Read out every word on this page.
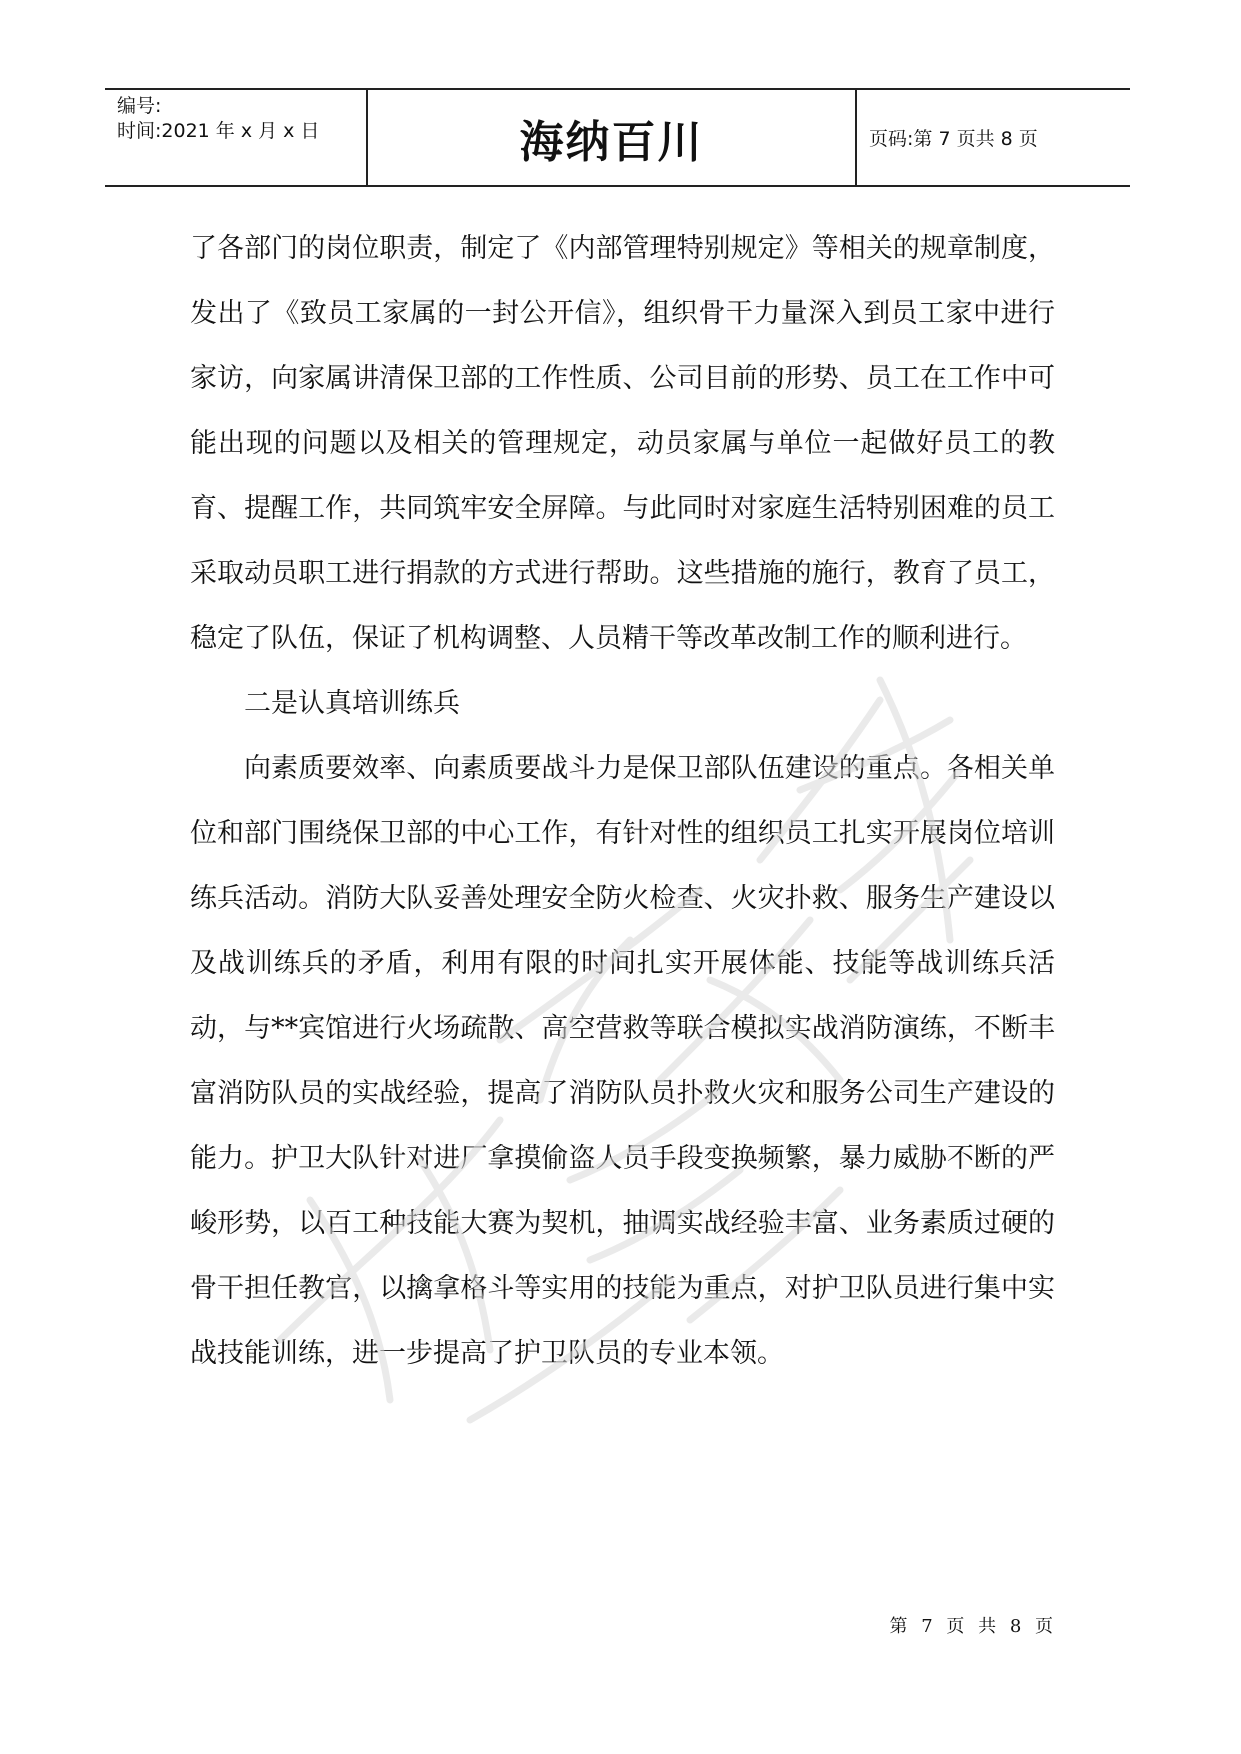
编号:
时间:2021 年 x 月 x 日	海纳百川	页码:第 7 页共 8 页

了各部门的岗位职责，制定了《内部管理特别规定》等相关的规章制度，发出了《致员工家属的一封公开信》，组织骨干力量深入到员工家中进行家访，向家属讲清保卫部的工作性质、公司目前的形势、员工在工作中可能出现的问题以及相关的管理规定，动员家属与单位一起做好员工的教育、提醒工作，共同筑牢安全屏障。与此同时对家庭生活特别困难的员工采取动员职工进行捐款的方式进行帮助。这些措施的施行，教育了员工，稳定了队伍，保证了机构调整、人员精干等改革改制工作的顺利进行。

二是认真培训练兵

向素质要效率、向素质要战斗力是保卫部队伍建设的重点。各相关单位和部门围绕保卫部的中心工作，有针对性的组织员工扎实开展岗位培训练兵活动。消防大队妥善处理安全防火检查、火灾扑救、服务生产建设以及战训练兵的矛盾，利用有限的时间扎实开展体能、技能等战训练兵活动，与**宾馆进行火场疏散、高空营救等联合模拟实战消防演练，不断丰富消防队员的实战经验，提高了消防队员扑救火灾和服务公司生产建设的能力。护卫大队针对进厂拿摸偷盗人员手段变换频繁，暴力威胁不断的严峻形势，以百工种技能大赛为契机，抽调实战经验丰富、业务素质过硬的骨干担任教官，以擒拿格斗等实用的技能为重点，对护卫队员进行集中实战技能训练，进一步提高了护卫队员的专业本领。

第 7 页 共 8 页
